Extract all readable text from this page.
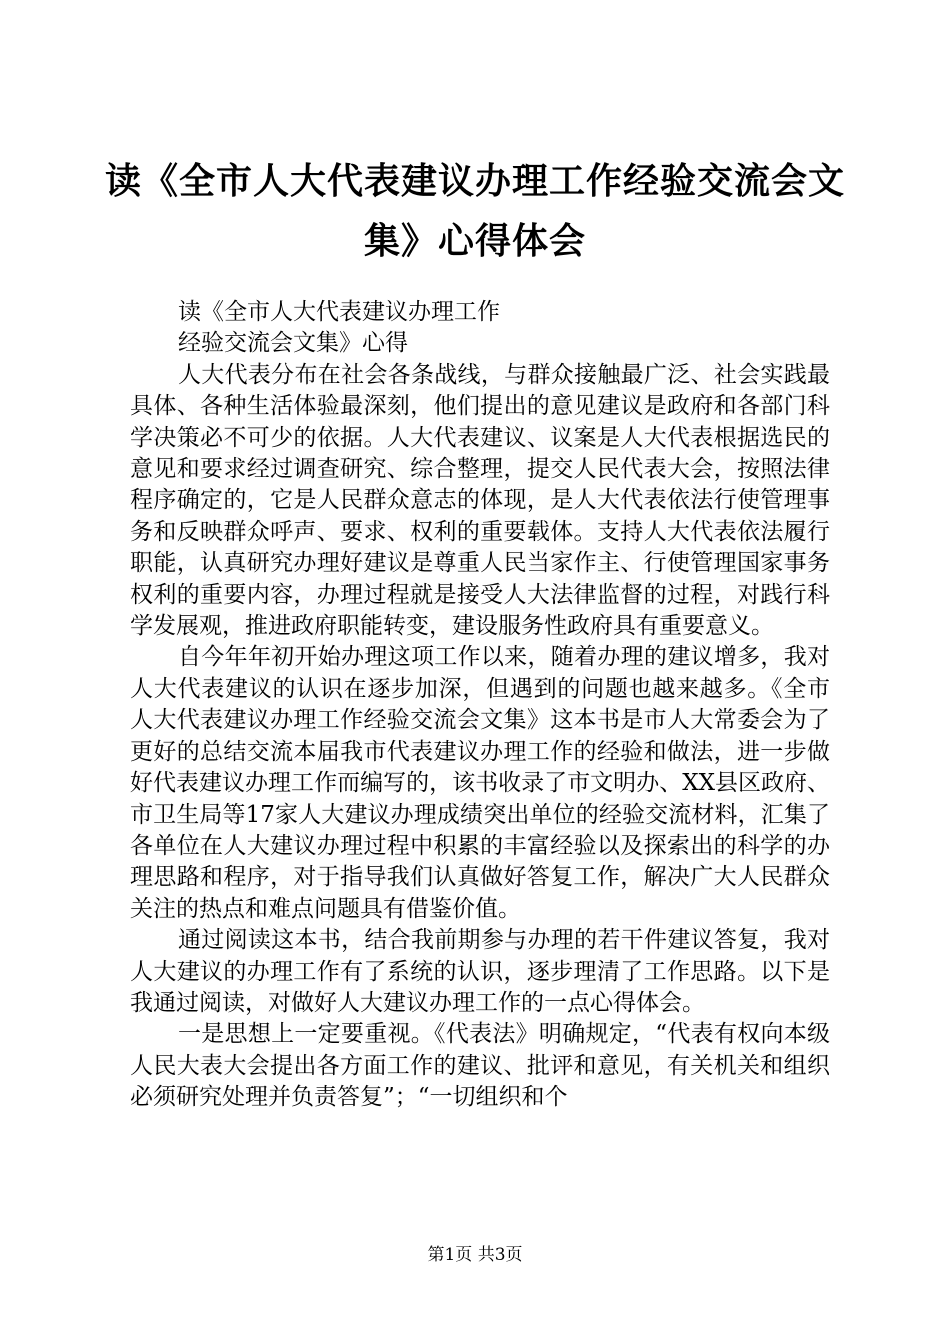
读《全市人大代表建议办理工作经验交流会文集》心得体会

读《全市人大代表建议办理工作

经验交流会文集》心得

人大代表分布在社会各条战线，与群众接触最广泛、社会实践最具体、各种生活体验最深刻，他们提出的意见建议是政府和各部门科学决策必不可少的依据。人大代表建议、议案是人大代表根据选民的意见和要求经过调查研究、综合整理，提交人民代表大会，按照法律程序确定的，它是人民群众意志的体现，是人大代表依法行使管理事务和反映群众呼声、要求、权利的重要载体。支持人大代表依法履行职能，认真研究办理好建议是尊重人民当家作主、行使管理国家事务权利的重要内容，办理过程就是接受人大法律监督的过程，对践行科学发展观，推进政府职能转变，建设服务性政府具有重要意义。

自今年年初开始办理这项工作以来，随着办理的建议增多，我对人大代表建议的认识在逐步加深，但遇到的问题也越来越多。《全市人大代表建议办理工作经验交流会文集》这本书是市人大常委会为了更好的总结交流本届我市代表建议办理工作的经验和做法，进一步做好代表建议办理工作而编写的，该书收录了市文明办、XX县区政府、市卫生局等17家人大建议办理成绩突出单位的经验交流材料，汇集了各单位在人大建议办理过程中积累的丰富经验以及探索出的科学的办理思路和程序，对于指导我们认真做好答复工作，解决广大人民群众关注的热点和难点问题具有借鉴价值。

通过阅读这本书，结合我前期参与办理的若干件建议答复，我对人大建议的办理工作有了系统的认识，逐步理清了工作思路。以下是我通过阅读，对做好人大建议办理工作的一点心得体会。

一是思想上一定要重视。《代表法》明确规定，“代表有权向本级人民大表大会提出各方面工作的建议、批评和意见，有关机关和组织必须研究处理并负责答复”；“一切组织和个

第1页 共3页
